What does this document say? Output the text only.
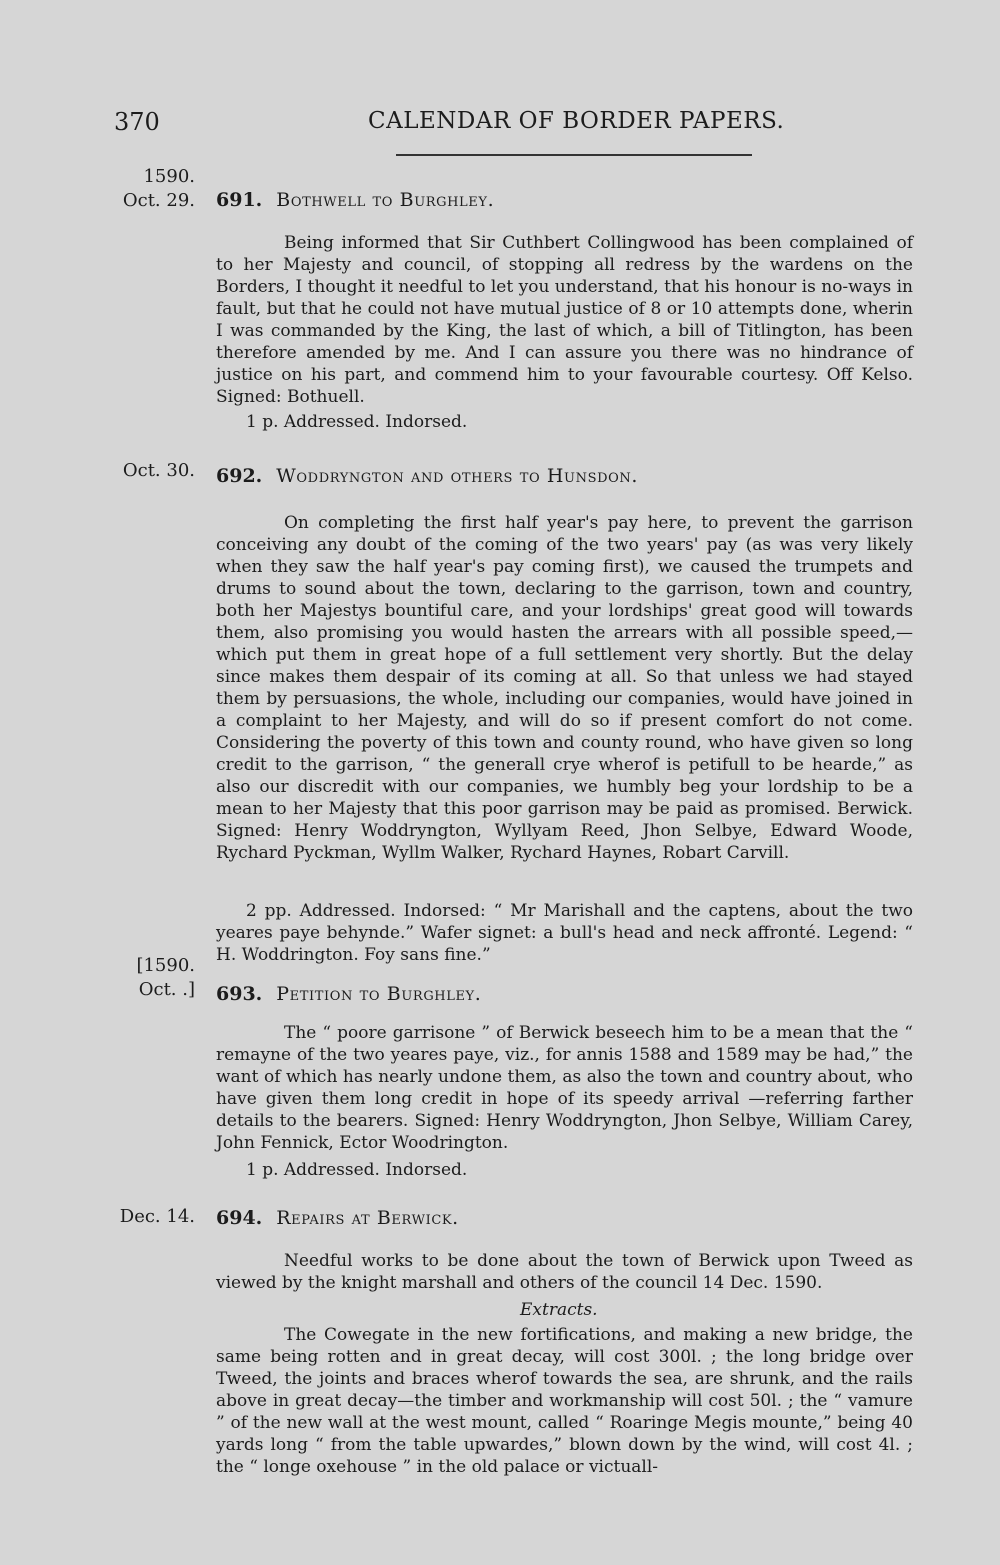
370	CALENDAR OF BORDER PAPERS.
1590.
Oct. 29. 691. Bothwell to Burghley.

Being informed that Sir Cuthbert Collingwood has been complained of to her Majesty and council, of stopping all redress by the wardens on the Borders, I thought it needful to let you understand, that his honour is no-ways in fault, but that he could not have mutual justice of 8 or 10 attempts done, wherin I was commanded by the King, the last of which, a bill of Titlington, has been therefore amended by me. And I can assure you there was no hindrance of justice on his part, and commend him to your favourable courtesy. Off Kelso. Signed: Bothuell.

1 p. Addressed. Indorsed.
Oct. 30. 692. Woddryngton and others to Hunsdon.

On completing the first half year's pay here, to prevent the garrison conceiving any doubt of the coming of the two years' pay (as was very likely when they saw the half year's pay coming first), we caused the trumpets and drums to sound about the town, declaring to the garrison, town and country, both her Majestys bountiful care, and your lordships' great good will towards them, also promising you would hasten the arrears with all possible speed,—which put them in great hope of a full settlement very shortly. But the delay since makes them despair of its coming at all. So that unless we had stayed them by persuasions, the whole, including our companies, would have joined in a complaint to her Majesty, and will do so if present comfort do not come. Considering the poverty of this town and county round, who have given so long credit to the garrison, “ the generall crye wherof is petifull to be hearde,” as also our discredit with our companies, we humbly beg your lordship to be a mean to her Majesty that this poor garrison may be paid as promised. Berwick. Signed: Henry Woddryngton, Wyllyam Reed, Jhon Selbye, Edward Woode, Rychard Pyckman, Wyllm Walker, Rychard Haynes, Robart Carvill.

2 pp. Addressed. Indorsed: “ Mr Marishall and the captens, about the two yeares paye behynde.” Wafer signet: a bull's head and neck affronté. Legend: “ H. Woddrington. Foy sans fine.”

[1590.
Oct. .] 693. Petition to Burghley.

The “ poore garrisone ” of Berwick beseech him to be a mean that the “ remayne of the two yeares paye, viz., for annis 1588 and 1589 may be had,” the want of which has nearly undone them, as also the town and country about, who have given them long credit in hope of its speedy arrival —referring farther details to the bearers. Signed: Henry Woddryngton, Jhon Selbye, William Carey, John Fennick, Ector Woodrington.

1 p. Addressed. Indorsed.
Dec. 14. 694. Repairs at Berwick.

Needful works to be done about the town of Berwick upon Tweed as viewed by the knight marshall and others of the council 14 Dec. 1590.

Extracts.

The Cowegate in the new fortifications, and making a new bridge, the same being rotten and in great decay, will cost 300l. ; the long bridge over Tweed, the joints and braces wherof towards the sea, are shrunk, and the rails above in great decay—the timber and workmanship will cost 50l. ; the “ vamure ” of the new wall at the west mount, called “ Roaringe Megis mounte,” being 40 yards long “ from the table upwardes,” blown down by the wind, will cost 4l. ; the “ longe oxehouse ” in the old palace or victuall-
